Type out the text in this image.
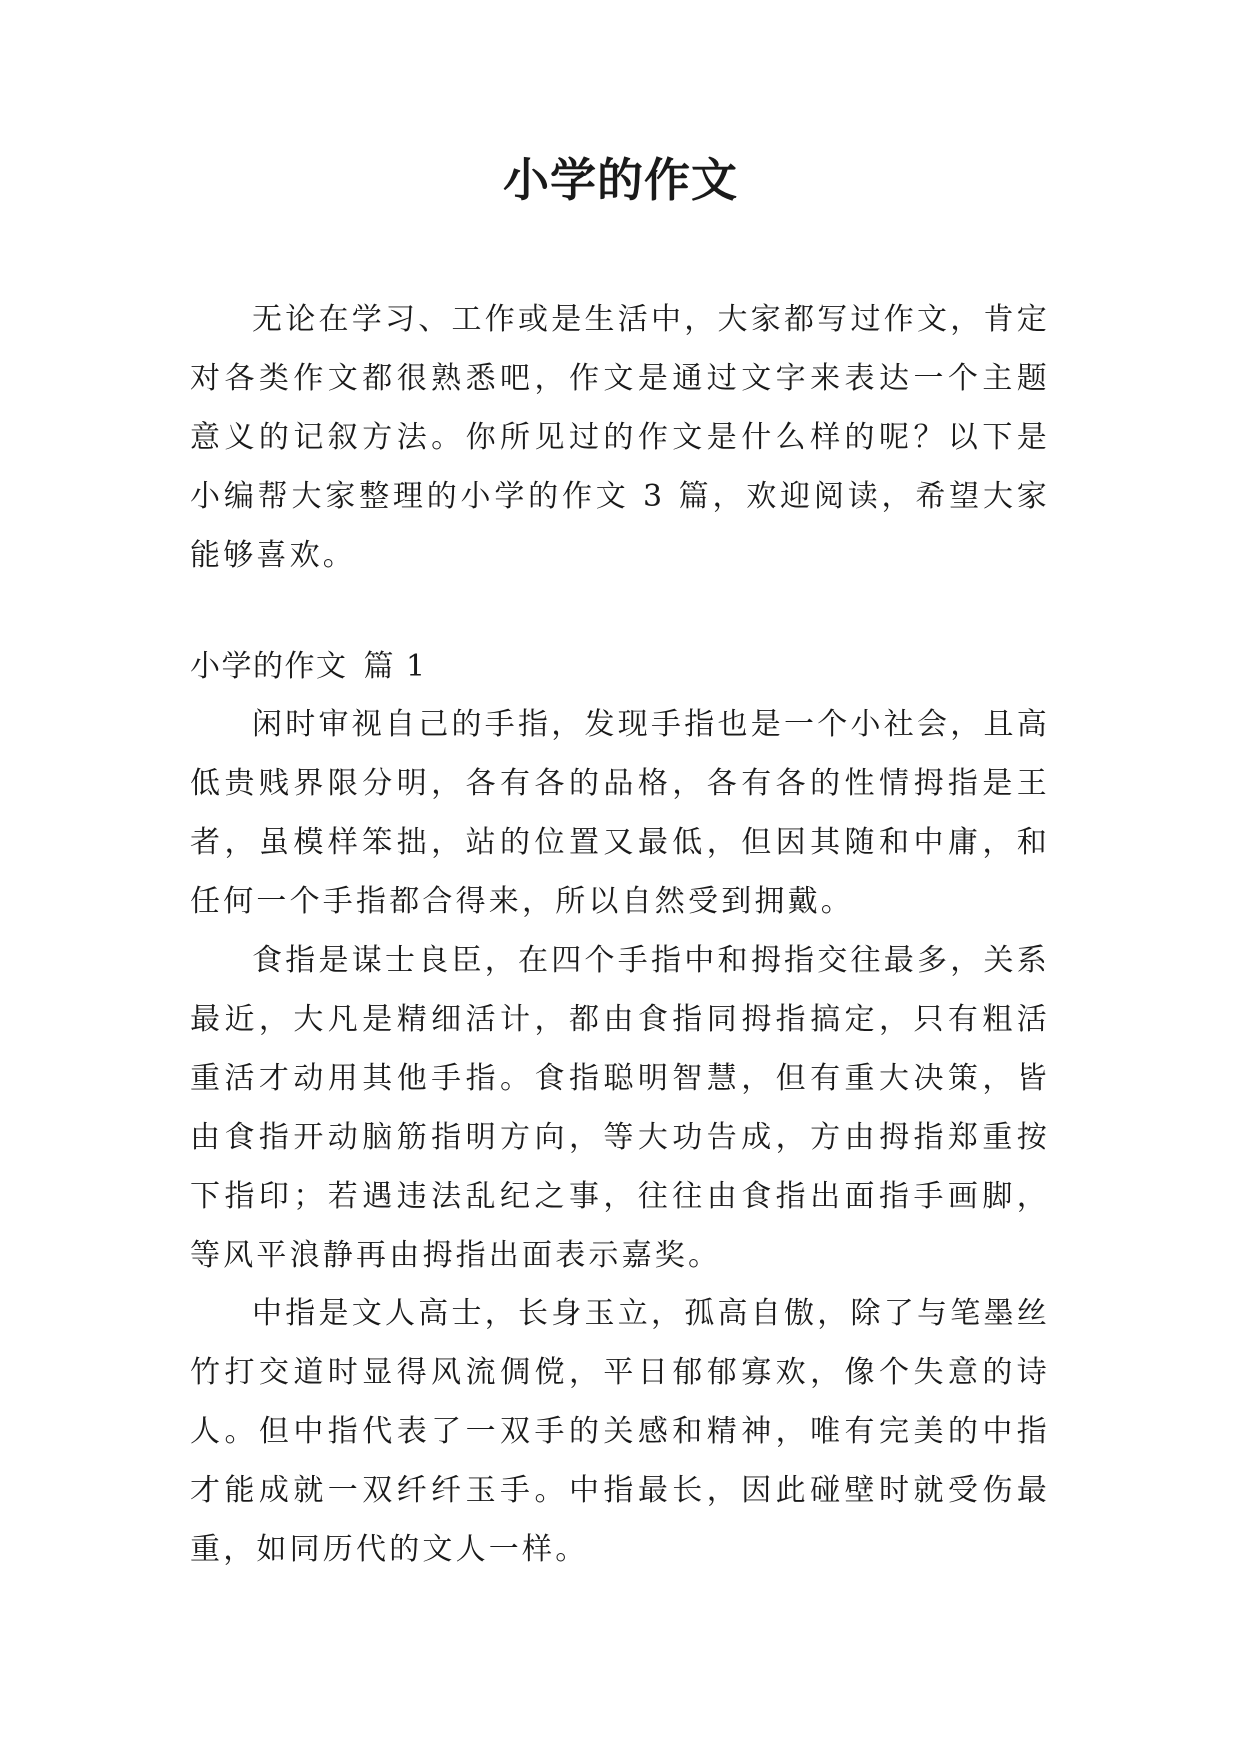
小学的作文

无论在学习、工作或是生活中，大家都写过作文，肯定对各类作文都很熟悉吧，作文是通过文字来表达一个主题意义的记叙方法。你所见过的作文是什么样的呢？以下是小编帮大家整理的小学的作文 3 篇，欢迎阅读，希望大家能够喜欢。

小学的作文 篇 1

闲时审视自己的手指，发现手指也是一个小社会，且高低贵贱界限分明，各有各的品格，各有各的性情拇指是王者，虽模样笨拙，站的位置又最低，但因其随和中庸，和任何一个手指都合得来，所以自然受到拥戴。

食指是谋士良臣，在四个手指中和拇指交往最多，关系最近，大凡是精细活计，都由食指同拇指搞定，只有粗活重活才动用其他手指。食指聪明智慧，但有重大决策，皆由食指开动脑筋指明方向，等大功告成，方由拇指郑重按下指印；若遇违法乱纪之事，往往由食指出面指手画脚，等风平浪静再由拇指出面表示嘉奖。

中指是文人高士，长身玉立，孤高自傲，除了与笔墨丝竹打交道时显得风流倜傥，平日郁郁寡欢，像个失意的诗人。但中指代表了一双手的关感和精神，唯有完美的中指才能成就一双纤纤玉手。中指最长，因此碰壁时就受伤最重，如同历代的文人一样。
